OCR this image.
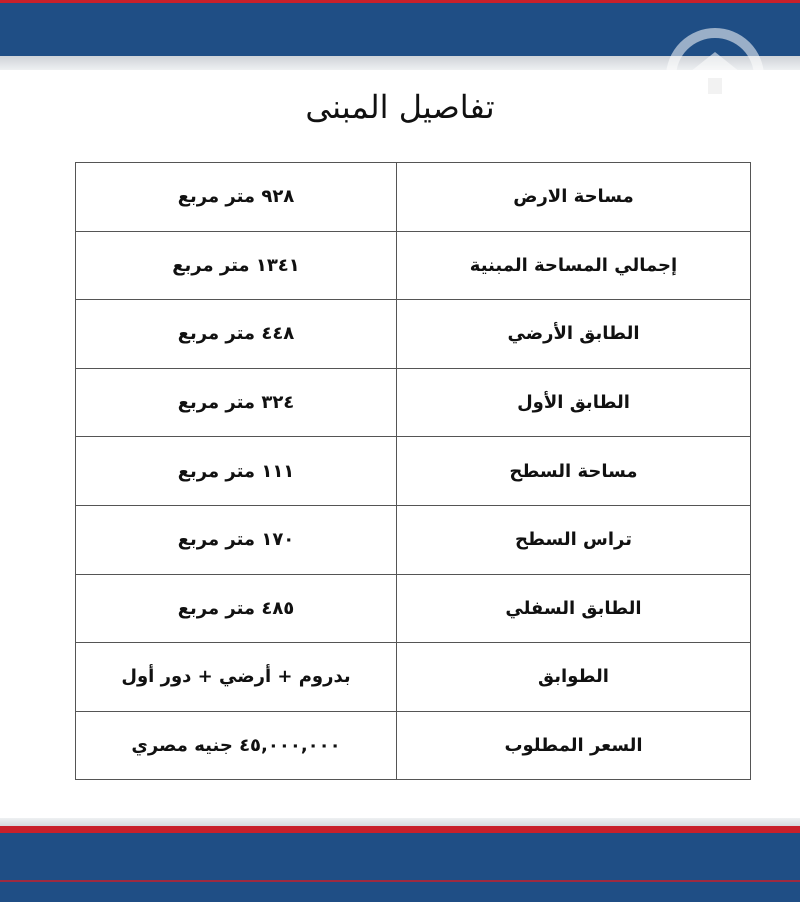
تفاصيل المبنى
مساحة الارض	٩٢٨ متر مربع
إجمالي المساحة المبنية	١٣٤١ متر مربع
الطابق الأرضي	٤٤٨ متر مربع
الطابق الأول	٣٢٤ متر مربع
مساحة السطح	١١١ متر مربع
تراس السطح	١٧٠ متر مربع
الطابق السفلي	٤٨٥ متر مربع
الطوابق	بدروم + أرضي + دور أول
السعر المطلوب	٤٥,٠٠٠,٠٠٠ جنيه مصري
